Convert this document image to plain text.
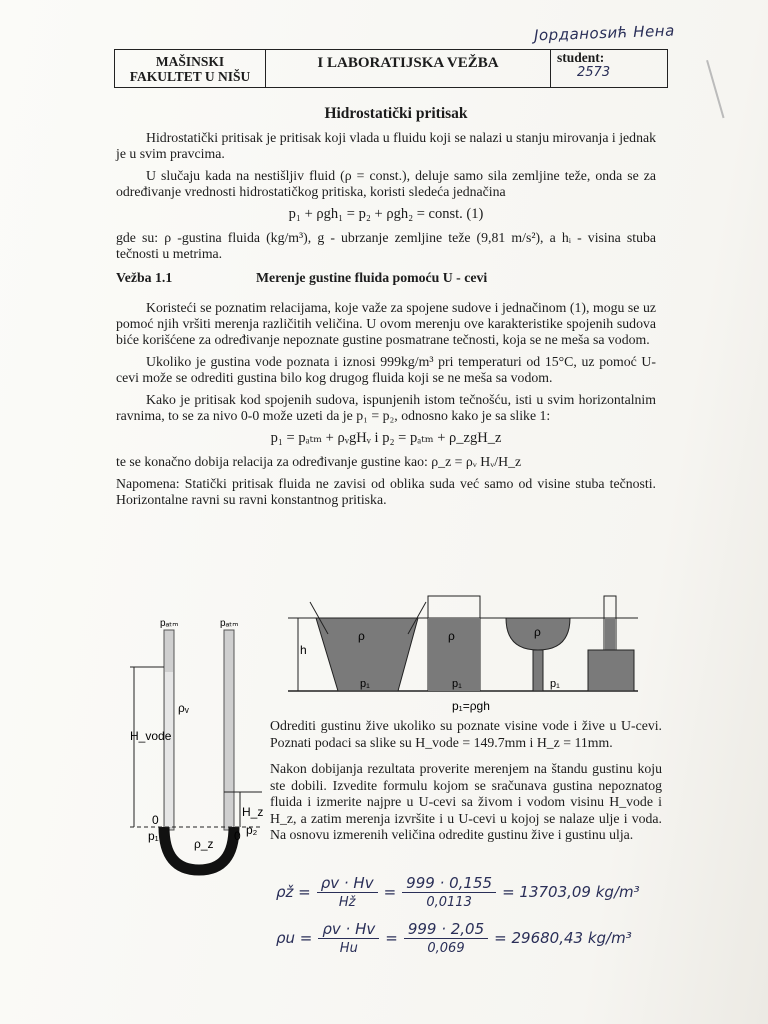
Јорданоsић Нена
MAŠINSKI
FAKULTET U NIŠU
	I LABORATIJSKA VEŽBA	student:
2573
Hidrostatički pritisak

Hidrostatički pritisak je pritisak koji vlada u fluidu koji se nalazi u stanju mirovanja i jednak je u svim pravcima.

U slučaju kada na nestišljiv fluid (ρ = const.), deluje samo sila zemljine teže, onda se za određivanje vrednosti hidrostatičkog pritiska, koristi sledeća jednačina

p₁ + ρgh₁ = p₂ + ρgh₂ = const. (1)

gde su: ρ -gustina fluida (kg/m³), g - ubrzanje zemljine teže (9,81 m/s²), a hᵢ - visina stuba tečnosti u metrima.

Vežba 1.1	Merenje gustine fluida pomoću U - cevi

Koristeći se poznatim relacijama, koje važe za spojene sudove i jednačinom (1), mogu se uz pomoć njih vršiti merenja različitih veličina. U ovom merenju ove karakteristike spojenih sudova biće korišćene za određivanje nepoznate gustine posmatrane tečnosti, koja se ne meša sa vodom.

Ukoliko je gustina vode poznata i iznosi 999kg/m³ pri temperaturi od 15°C, uz pomoć U-cevi može se odrediti gustina bilo kog drugog fluida koji se ne meša sa vodom.

Kako je pritisak kod spojenih sudova, ispunjenih istom tečnošću, isti u svim horizontalnim ravnima, to se za nivo 0-0 može uzeti da je p₁ = p₂, odnosno kako je sa slike 1:

p₁ = pₐₜₘ + ρᵥgHᵥ i p₂ = pₐₜₘ + ρ_zgH_z

te se konačno dobija relacija za određivanje gustine kao: ρ_z = ρᵥ Hᵥ/H_z

Napomena: Statički pritisak fluida ne zavisi od oblika suda već samo od visine stuba tečnosti. Horizontalne ravni su ravni konstantnog pritiska.

pₐₜₘ	pₐₜₘ
ρᵥ
H_vode
0
0
H_z
p₁	p₂
ρ_z
h
ρ
p₁
ρ
p₁
ρ
p₁
p₁=ρgh

Odrediti gustinu žive ukoliko su poznate visine vode i žive u U-cevi. Poznati podaci sa slike su H_vode = 149.7mm i H_z = 11mm.

Nakon dobijanja rezultata proverite merenjem na štandu gustinu koju ste dobili. Izvedite formulu kojom se sračunava gustina nepoznatog fluida i izmerite najpre u U-cevi sa živom i vodom visinu H_vode i H_z, a zatim merenja izvršite i u U-cevi u kojoj se nalaze ulje i voda. Na osnovu izmerenih veličina odredite gustinu žive i gustinu ulja.

ρž = $\frac{\rho v \cdot Hv}{Hž} = \frac{999 \cdot 0,155}{0,0113} = 13703,09$ kg/m³
$\rho u = \frac{\rho v \cdot Hv}{Hu} = \frac{999 \cdot 2,05}{0,069} = 29680,43$ kg/m³
